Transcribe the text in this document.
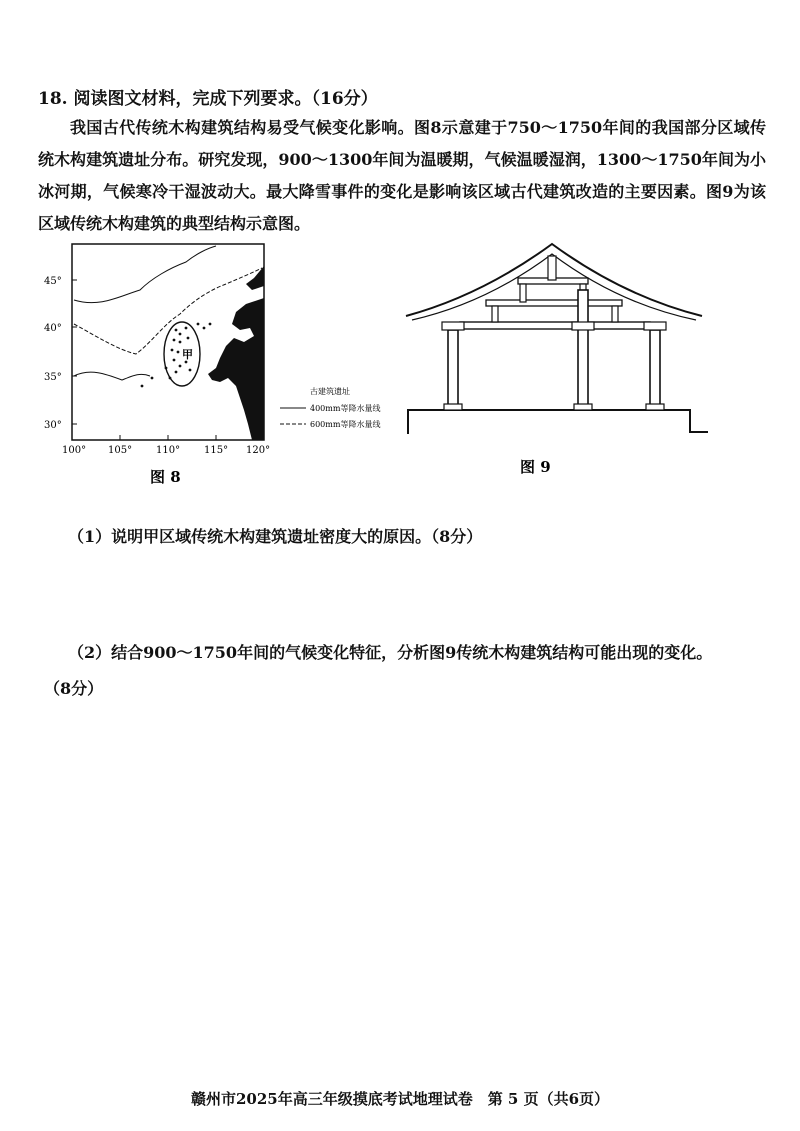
18. 阅读图文材料，完成下列要求。（16分）

我国古代传统木构建筑结构易受气候变化影响。图8示意建于750～1750年间的我国部分区域传统木构建筑遗址分布。研究发现，900～1300年间为温暖期，气候温暖湿润，1300～1750年间为小冰河期，气候寒冷干湿波动大。最大降雪事件的变化是影响该区域古代建筑改造的主要因素。图9为该区域传统木构建筑的典型结构示意图。

45°
40°
35°
30°
100° 105° 110° 115° 120°
甲
古建筑遗址
400mm等降水量线
600mm等降水量线
图 8
图 9
（1）说明甲区域传统木构建筑遗址密度大的原因。（8分）
（2）结合900～1750年间的气候变化特征，分析图9传统木构建筑结构可能出现的变化。
（8分）
赣州市2025年高三年级摸底考试地理试卷　第 5 页（共6页）
